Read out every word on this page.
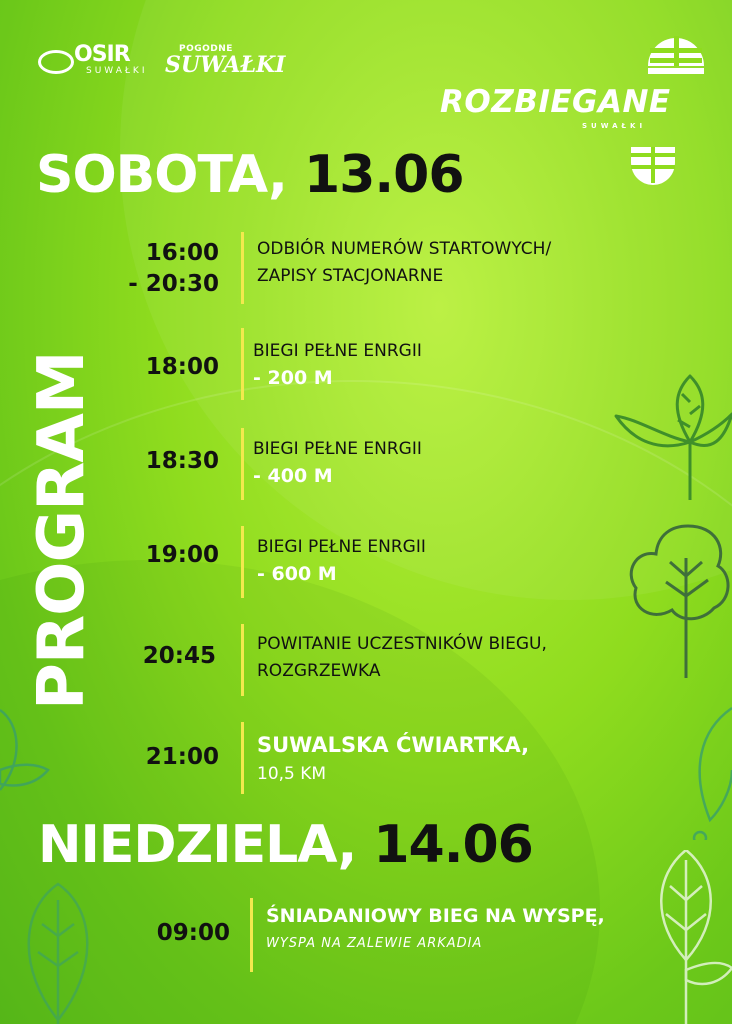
OSIR
SUWAŁKI
POGODNE
SUWAŁKI
ROZBIEGANE
SUWAŁKI
SOBOTA, 13.06
NIEDZIELA, 14.06
PROGRAM
16:00
- 20:30
ODBIÓR NUMERÓW STARTOWYCH/
ZAPISY STACJONARNE
18:00
BIEGI PEŁNE ENRGII
- 200 M
18:30 BIEGI PEŁNE ENRGII
- 400 M
19:00 BIEGI PEŁNE ENRGII
- 600 M
20:45 POWITANIE UCZESTNIKÓW BIEGU,
ROZGRZEWKA
21:00 SUWALSKA ĆWIARTKA,
10,5 KM
09:00
ŚNIADANIOWY BIEG NA WYSPĘ,
WYSPA NA ZALEWIE ARKADIA
